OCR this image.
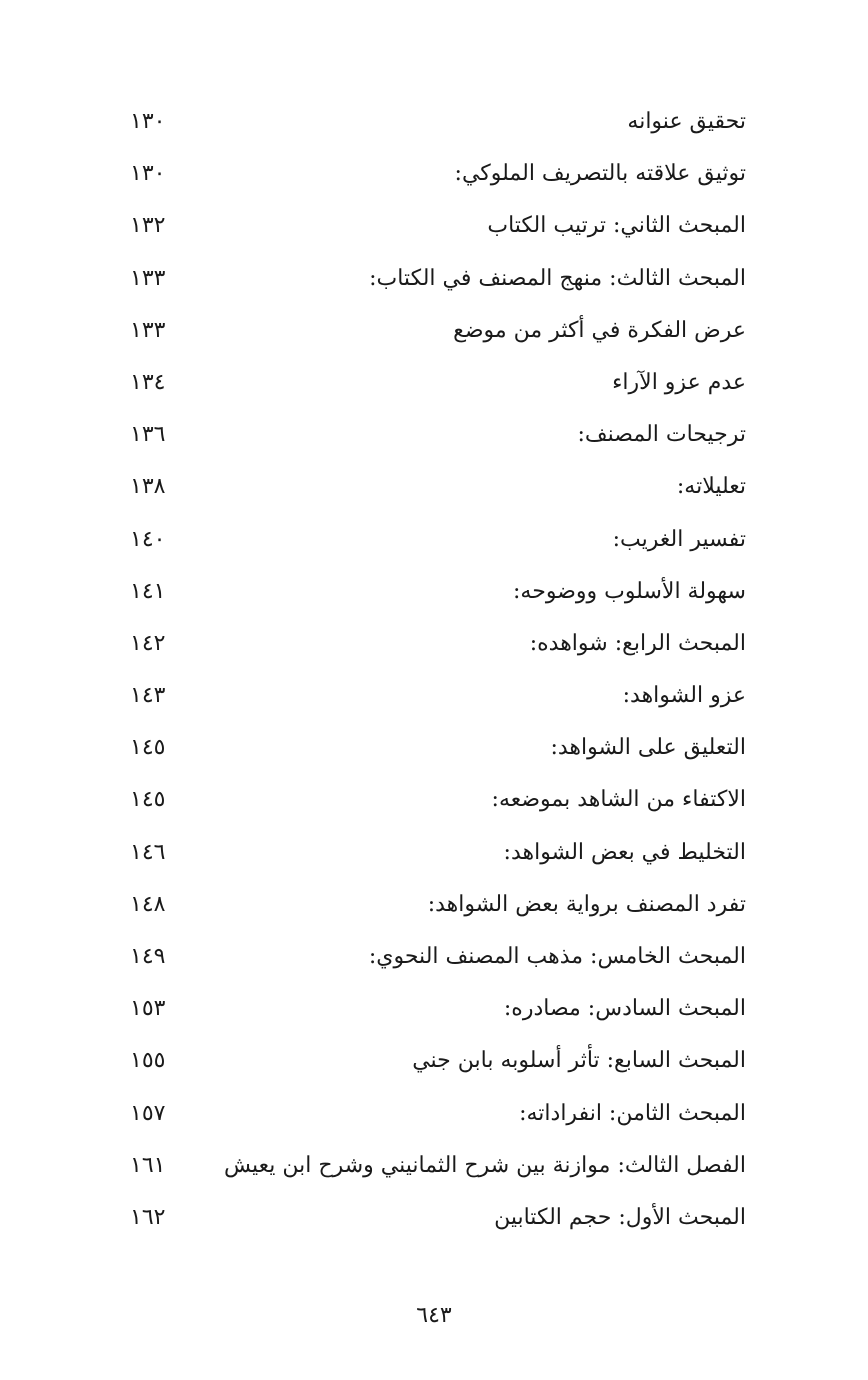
تحقيق عنوانه
١٣٠
توثيق علاقته بالتصريف الملوكي:
١٣٠
المبحث الثاني: ترتيب الكتاب
١٣٢
المبحث الثالث: منهج المصنف في الكتاب:
١٣٣
عرض الفكرة في أكثر من موضع
١٣٣
عدم عزو الآراء
١٣٤
ترجيحات المصنف:
١٣٦
تعليلاته:
١٣٨
تفسير الغريب:
١٤٠
سهولة الأسلوب ووضوحه:
١٤١
المبحث الرابع: شواهده:
١٤٢
عزو الشواهد:
١٤٣
التعليق على الشواهد:
١٤٥
الاكتفاء من الشاهد بموضعه:
١٤٥
التخليط في بعض الشواهد:
١٤٦
تفرد المصنف برواية بعض الشواهد:
١٤٨
المبحث الخامس: مذهب المصنف النحوي:
١٤٩
المبحث السادس: مصادره:
١٥٣
المبحث السابع: تأثر أسلوبه بابن جني
١٥٥
المبحث الثامن: انفراداته:
١٥٧
الفصل الثالث: موازنة بين شرح الثمانيني وشرح ابن يعيش
١٦١
المبحث الأول: حجم الكتابين
١٦٢
٦٤٣
